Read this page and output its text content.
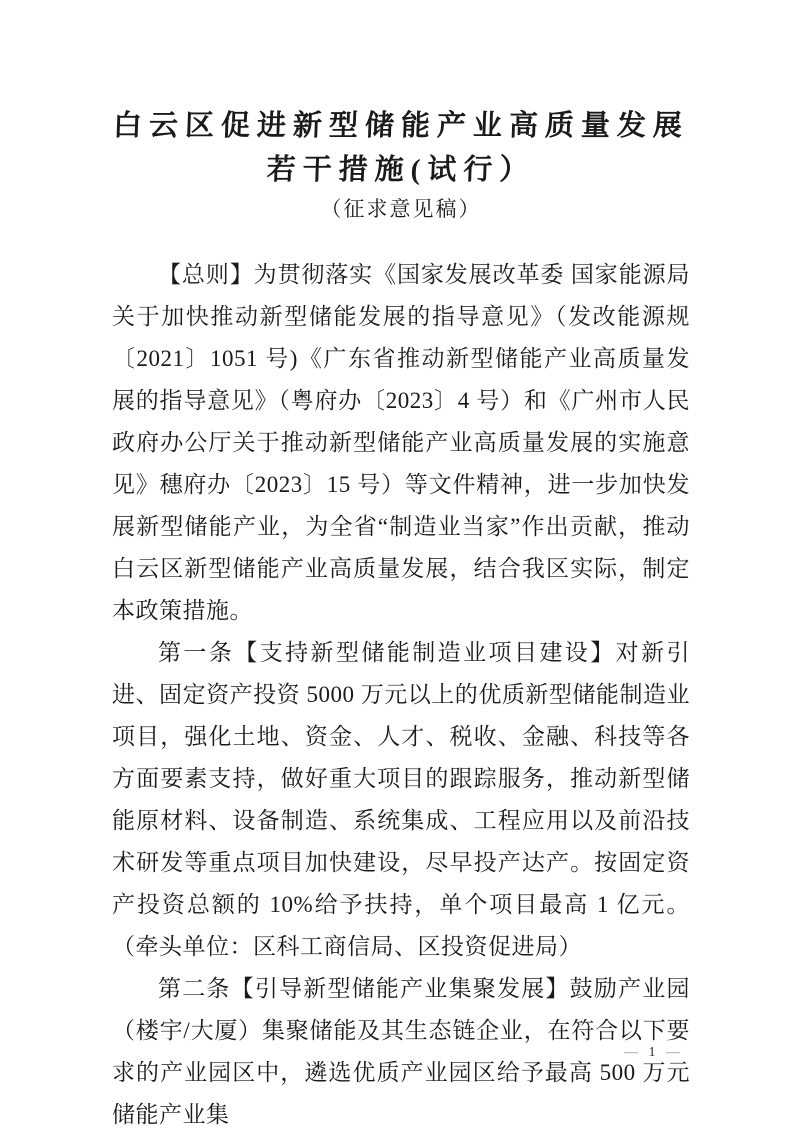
白云区促进新型储能产业高质量发展
若干措施(试行）
（征求意见稿）

【总则】为贯彻落实《国家发展改革委 国家能源局关于加快推动新型储能发展的指导意见》（发改能源规〔2021〕1051 号)《广东省推动新型储能产业高质量发展的指导意见》（粤府办〔2023〕4 号）和《广州市人民政府办公厅关于推动新型储能产业高质量发展的实施意见》穗府办〔2023〕15 号）等文件精神，进一步加快发展新型储能产业，为全省“制造业当家”作出贡献，推动白云区新型储能产业高质量发展，结合我区实际，制定本政策措施。

第一条【支持新型储能制造业项目建设】对新引进、固定资产投资 5000 万元以上的优质新型储能制造业项目，强化土地、资金、人才、税收、金融、科技等各方面要素支持，做好重大项目的跟踪服务，推动新型储能原材料、设备制造、系统集成、工程应用以及前沿技术研发等重点项目加快建设，尽早投产达产。按固定资产投资总额的 10%给予扶持，单个项目最高 1 亿元。（牵头单位：区科工商信局、区投资促进局）

第二条【引导新型储能产业集聚发展】鼓励产业园（楼宇/大厦）集聚储能及其生态链企业，在符合以下要求的产业园区中，遴选优质产业园区给予最高 500 万元储能产业集

— 1 —
